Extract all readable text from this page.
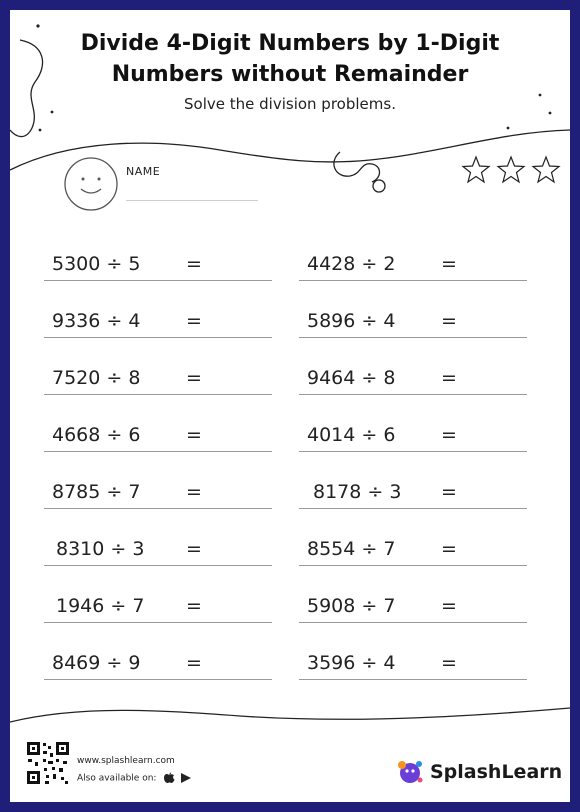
Divide 4-Digit Numbers by 1-Digit
Numbers without Remainder
Solve the division problems.
NAME
5300 ÷ 5 =	4428 ÷ 2 =
9336 ÷ 4 =	5896 ÷ 4 =
7520 ÷ 8 =	9464 ÷ 8 =
4668 ÷ 6 =	4014 ÷ 6 =
8785 ÷ 7 =	8178 ÷ 3 =
8310 ÷ 3 =	8554 ÷ 7 =
1946 ÷ 7 =	5908 ÷ 7 =
8469 ÷ 9 =	3596 ÷ 4 =
www.splashlearn.com
Also available on:	SplashLearn
